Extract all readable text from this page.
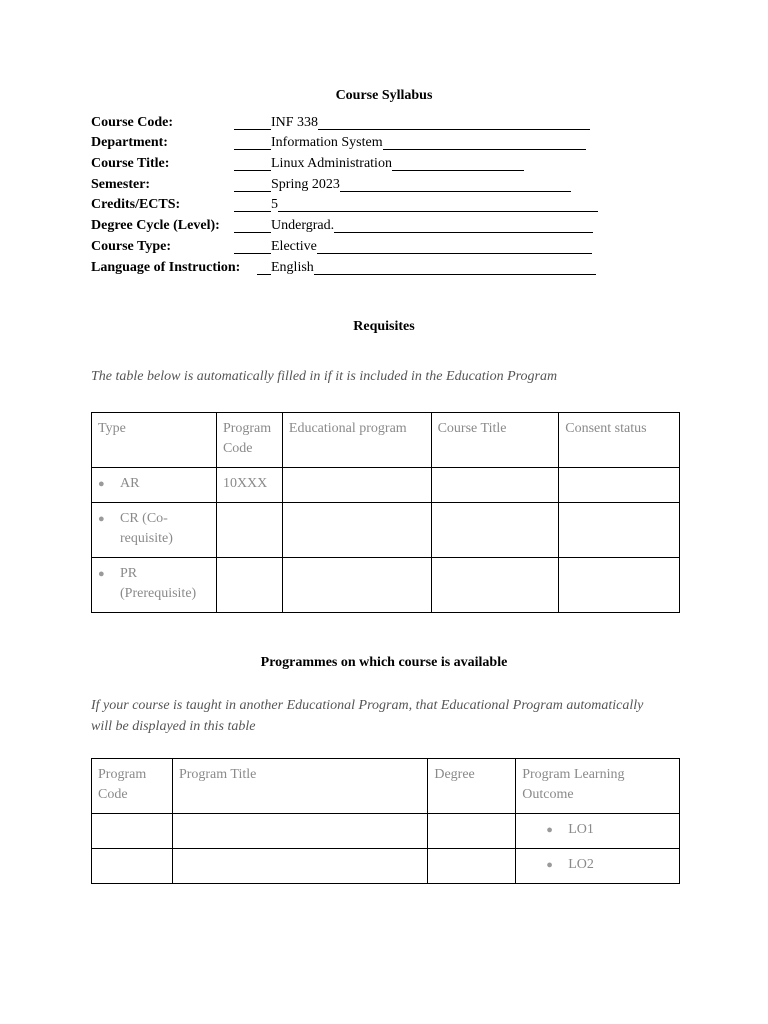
Course Syllabus
Course Code:	INF 338
Department:	Information System
Course Title:	Linux Administration
Semester:	Spring 2023
Credits/ECTS:	5
Degree Cycle (Level):	Undergrad.
Course Type:	Elective
Language of Instruction:	English
Requisites
The table below is automatically filled in if it is included in the Education Program
Type	Program Code	Educational program	Course Title	Consent status

● AR	10XXX			

● CR (Co-requisite)				

● PR (Prerequisite)				

Programmes on which course is available
If your course is taught in another Educational Program, that Educational Program automatically will be displayed in this table
Program Code	Program Title	Degree	Program Learning Outcome

			● LO1

			● LO2
